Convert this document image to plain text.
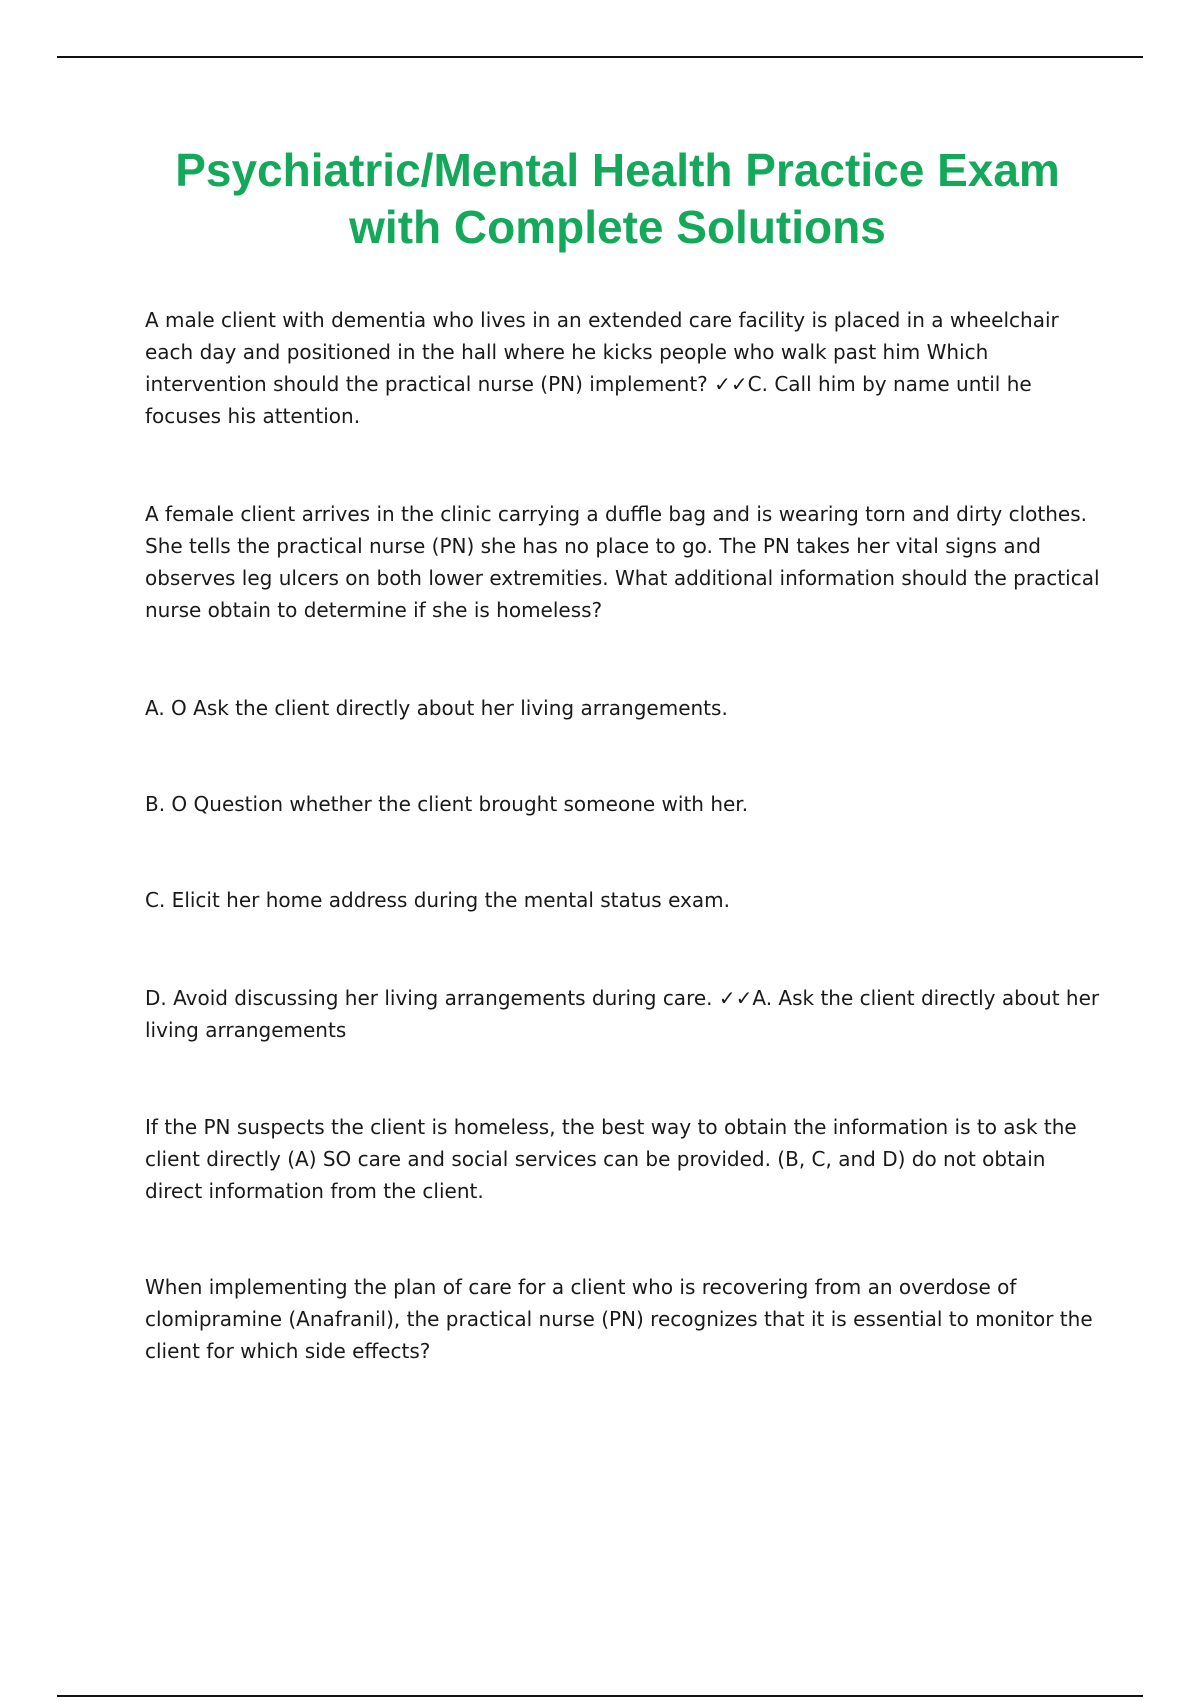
Psychiatric/Mental Health Practice Exam
with Complete Solutions

A male client with dementia who lives in an extended care facility is placed in a wheelchair each day and positioned in the hall where he kicks people who walk past him Which intervention should the practical nurse (PN) implement? ✓✓C. Call him by name until he focuses his attention.

A female client arrives in the clinic carrying a duffle bag and is wearing torn and dirty clothes. She tells the practical nurse (PN) she has no place to go. The PN takes her vital signs and observes leg ulcers on both lower extremities. What additional information should the practical nurse obtain to determine if she is homeless?

A. O Ask the client directly about her living arrangements.

B. O Question whether the client brought someone with her.

C. Elicit her home address during the mental status exam.

D. Avoid discussing her living arrangements during care. ✓✓A. Ask the client directly about her living arrangements

If the PN suspects the client is homeless, the best way to obtain the information is to ask the client directly (A) SO care and social services can be provided. (B, C, and D) do not obtain direct information from the client.

When implementing the plan of care for a client who is recovering from an overdose of clomipramine (Anafranil), the practical nurse (PN) recognizes that it is essential to monitor the client for which side effects?
